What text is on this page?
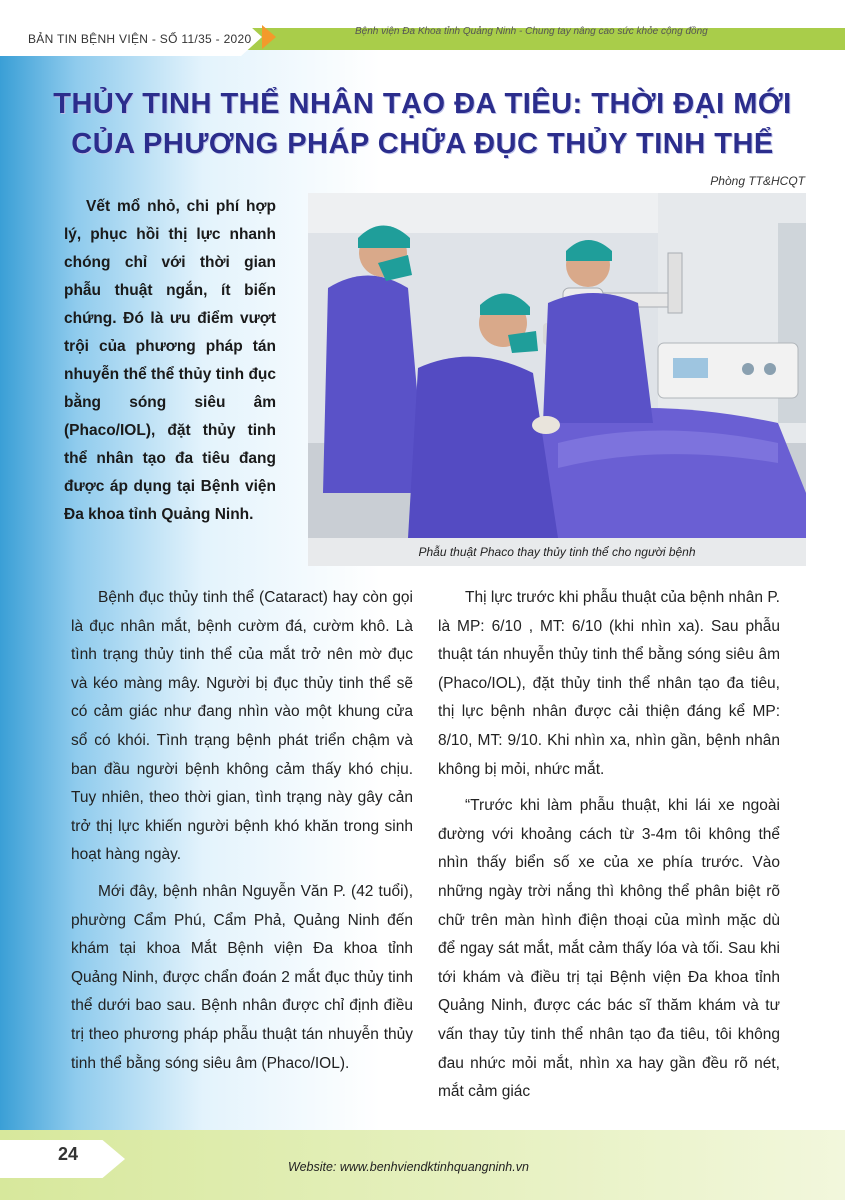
BẢN TIN BỆNH VIỆN - SỐ 11/35 - 2020
Bệnh viện Đa Khoa tỉnh Quảng Ninh - Chung tay nâng cao sức khỏe cộng đồng
THỦY TINH THỂ NHÂN TẠO ĐA TIÊU: THỜI ĐẠI MỚI
CỦA PHƯƠNG PHÁP CHỮA ĐỤC THỦY TINH THỂ
Phòng TT&HCQT
Vết mổ nhỏ, chi phí hợp lý, phục hồi thị lực nhanh chóng chỉ với thời gian phẫu thuật ngắn, ít biến chứng. Đó là ưu điểm vượt trội của phương pháp tán nhuyễn thể thể thủy tinh đục bằng sóng siêu âm (Phaco/IOL), đặt thủy tinh thể nhân tạo đa tiêu đang được áp dụng tại Bệnh viện Đa khoa tỉnh Quảng Ninh.
Phẫu thuật Phaco thay thủy tinh thể cho người bệnh

Bệnh đục thủy tinh thể (Cataract) hay còn gọi là đục nhân mắt, bệnh cườm đá, cườm khô. Là tình trạng thủy tinh thể của mắt trở nên mờ đục và kéo màng mây. Người bị đục thủy tinh thể sẽ có cảm giác như đang nhìn vào một khung cửa sổ có khói. Tình trạng bệnh phát triển chậm và ban đầu người bệnh không cảm thấy khó chịu. Tuy nhiên, theo thời gian, tình trạng này gây cản trở thị lực khiến người bệnh khó khăn trong sinh hoạt hàng ngày.

Mới đây, bệnh nhân Nguyễn Văn P. (42 tuổi), phường Cẩm Phú, Cẩm Phả, Quảng Ninh đến khám tại khoa Mắt Bệnh viện Đa khoa tỉnh Quảng Ninh, được chẩn đoán 2 mắt đục thủy tinh thể dưới bao sau. Bệnh nhân được chỉ định điều trị theo phương pháp phẫu thuật tán nhuyễn thủy tinh thể bằng sóng siêu âm (Phaco/IOL).

Thị lực trước khi phẫu thuật của bệnh nhân P. là MP: 6/10 , MT: 6/10 (khi nhìn xa). Sau phẫu thuật tán nhuyễn thủy tinh thể bằng sóng siêu âm (Phaco/IOL), đặt thủy tinh thể nhân tạo đa tiêu, thị lực bệnh nhân được cải thiện đáng kể MP: 8/10, MT: 9/10. Khi nhìn xa, nhìn gần, bệnh nhân không bị mỏi, nhức mắt.

“Trước khi làm phẫu thuật, khi lái xe ngoài đường với khoảng cách từ 3-4m tôi không thể nhìn thấy biển số xe của xe phía trước. Vào những ngày trời nắng thì không thể phân biệt rõ chữ trên màn hình điện thoại của mình mặc dù để ngay sát mắt, mắt cảm thấy lóa và tối. Sau khi tới khám và điều trị tại Bệnh viện Đa khoa tỉnh Quảng Ninh, được các bác sĩ thăm khám và tư vấn thay tủy tinh thể nhân tạo đa tiêu, tôi không đau nhức mỏi mắt, nhìn xa hay gần đều rõ nét, mắt cảm giác

24
Website: www.benhviendktinhquangninh.vn
